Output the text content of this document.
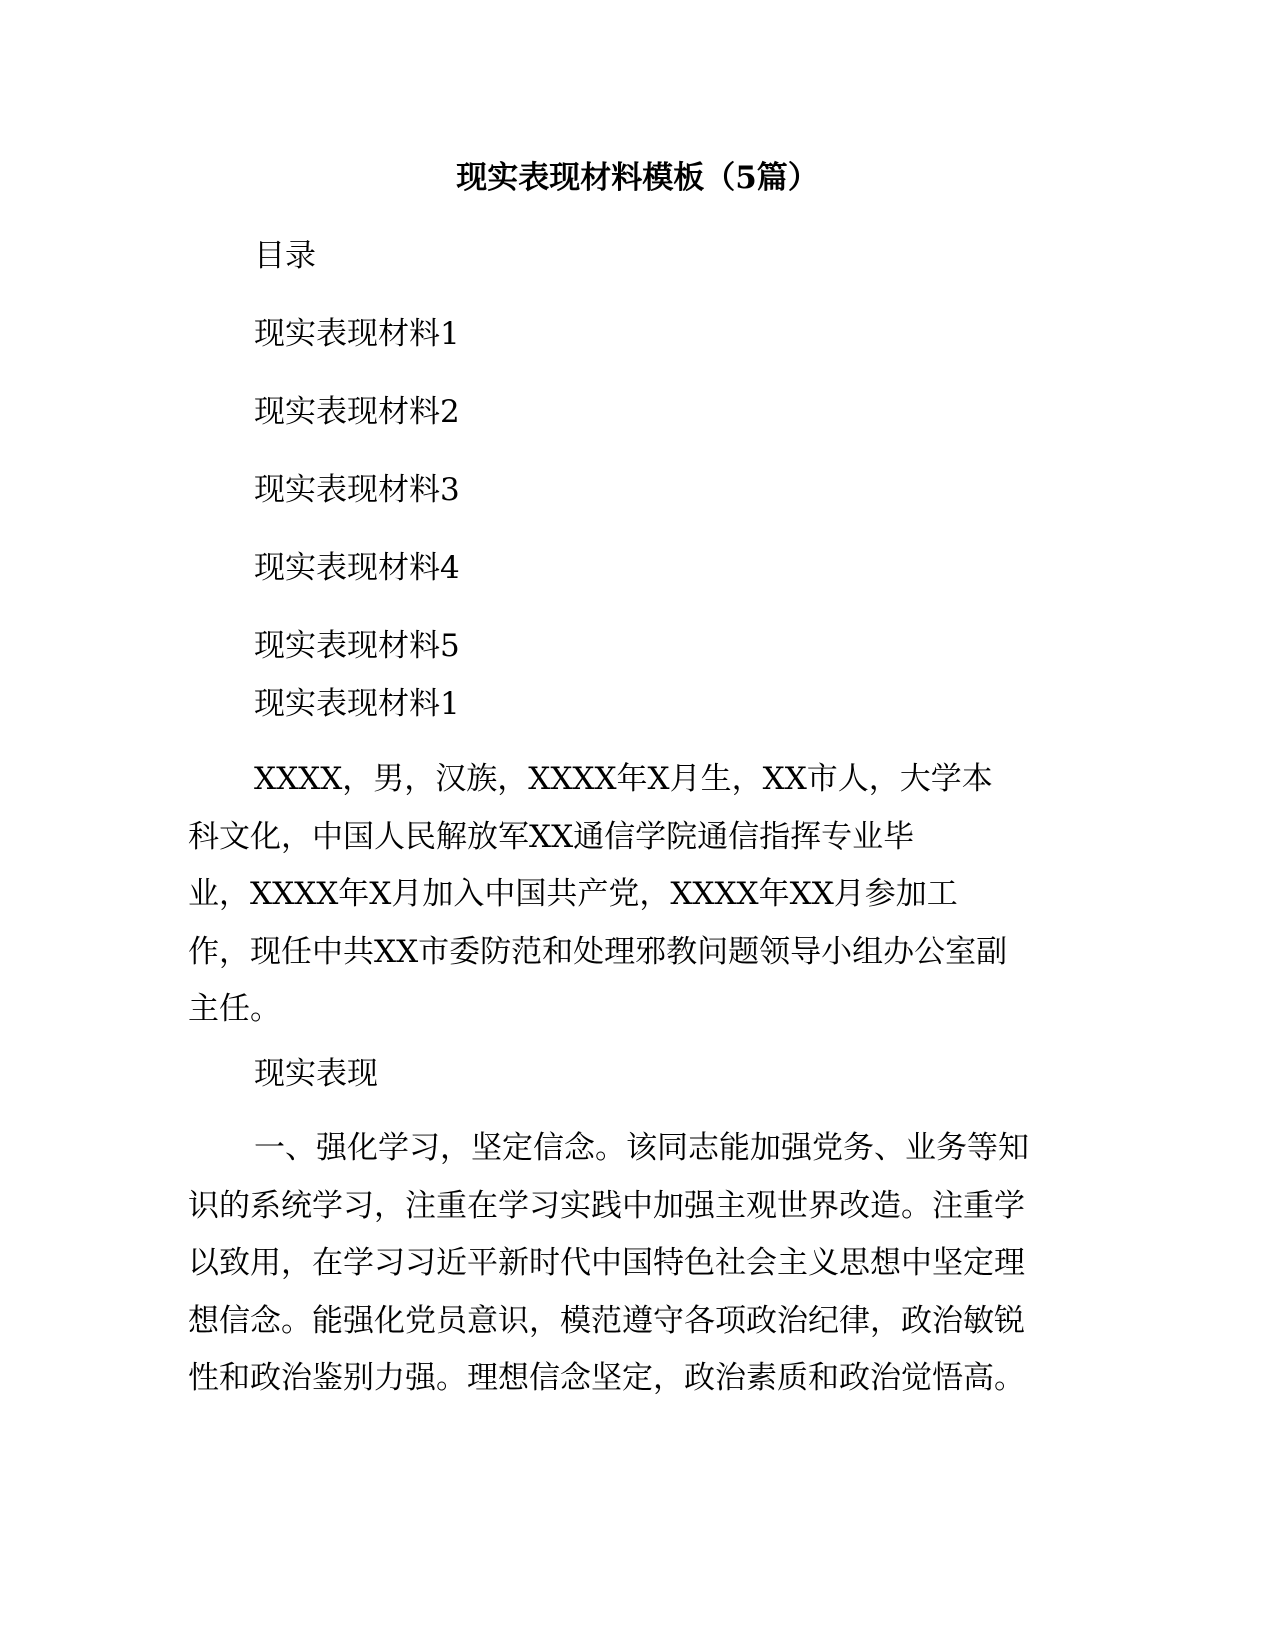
现实表现材料模板（5篇）
目录
现实表现材料1
现实表现材料2
现实表现材料3
现实表现材料4
现实表现材料5
现实表现材料1
XXXX，男，汉族，XXXX年X月生，XX市人，大学本
科文化，中国人民解放军XX通信学院通信指挥专业毕
业，XXXX年X月加入中国共产党，XXXX年XX月参加工
作，现任中共XX市委防范和处理邪教问题领导小组办公室副
主任。
现实表现
一、强化学习，坚定信念。该同志能加强党务、业务等知
识的系统学习，注重在学习实践中加强主观世界改造。注重学
以致用，在学习习近平新时代中国特色社会主义思想中坚定理
想信念。能强化党员意识，模范遵守各项政治纪律，政治敏锐
性和政治鉴别力强。理想信念坚定，政治素质和政治觉悟高。
